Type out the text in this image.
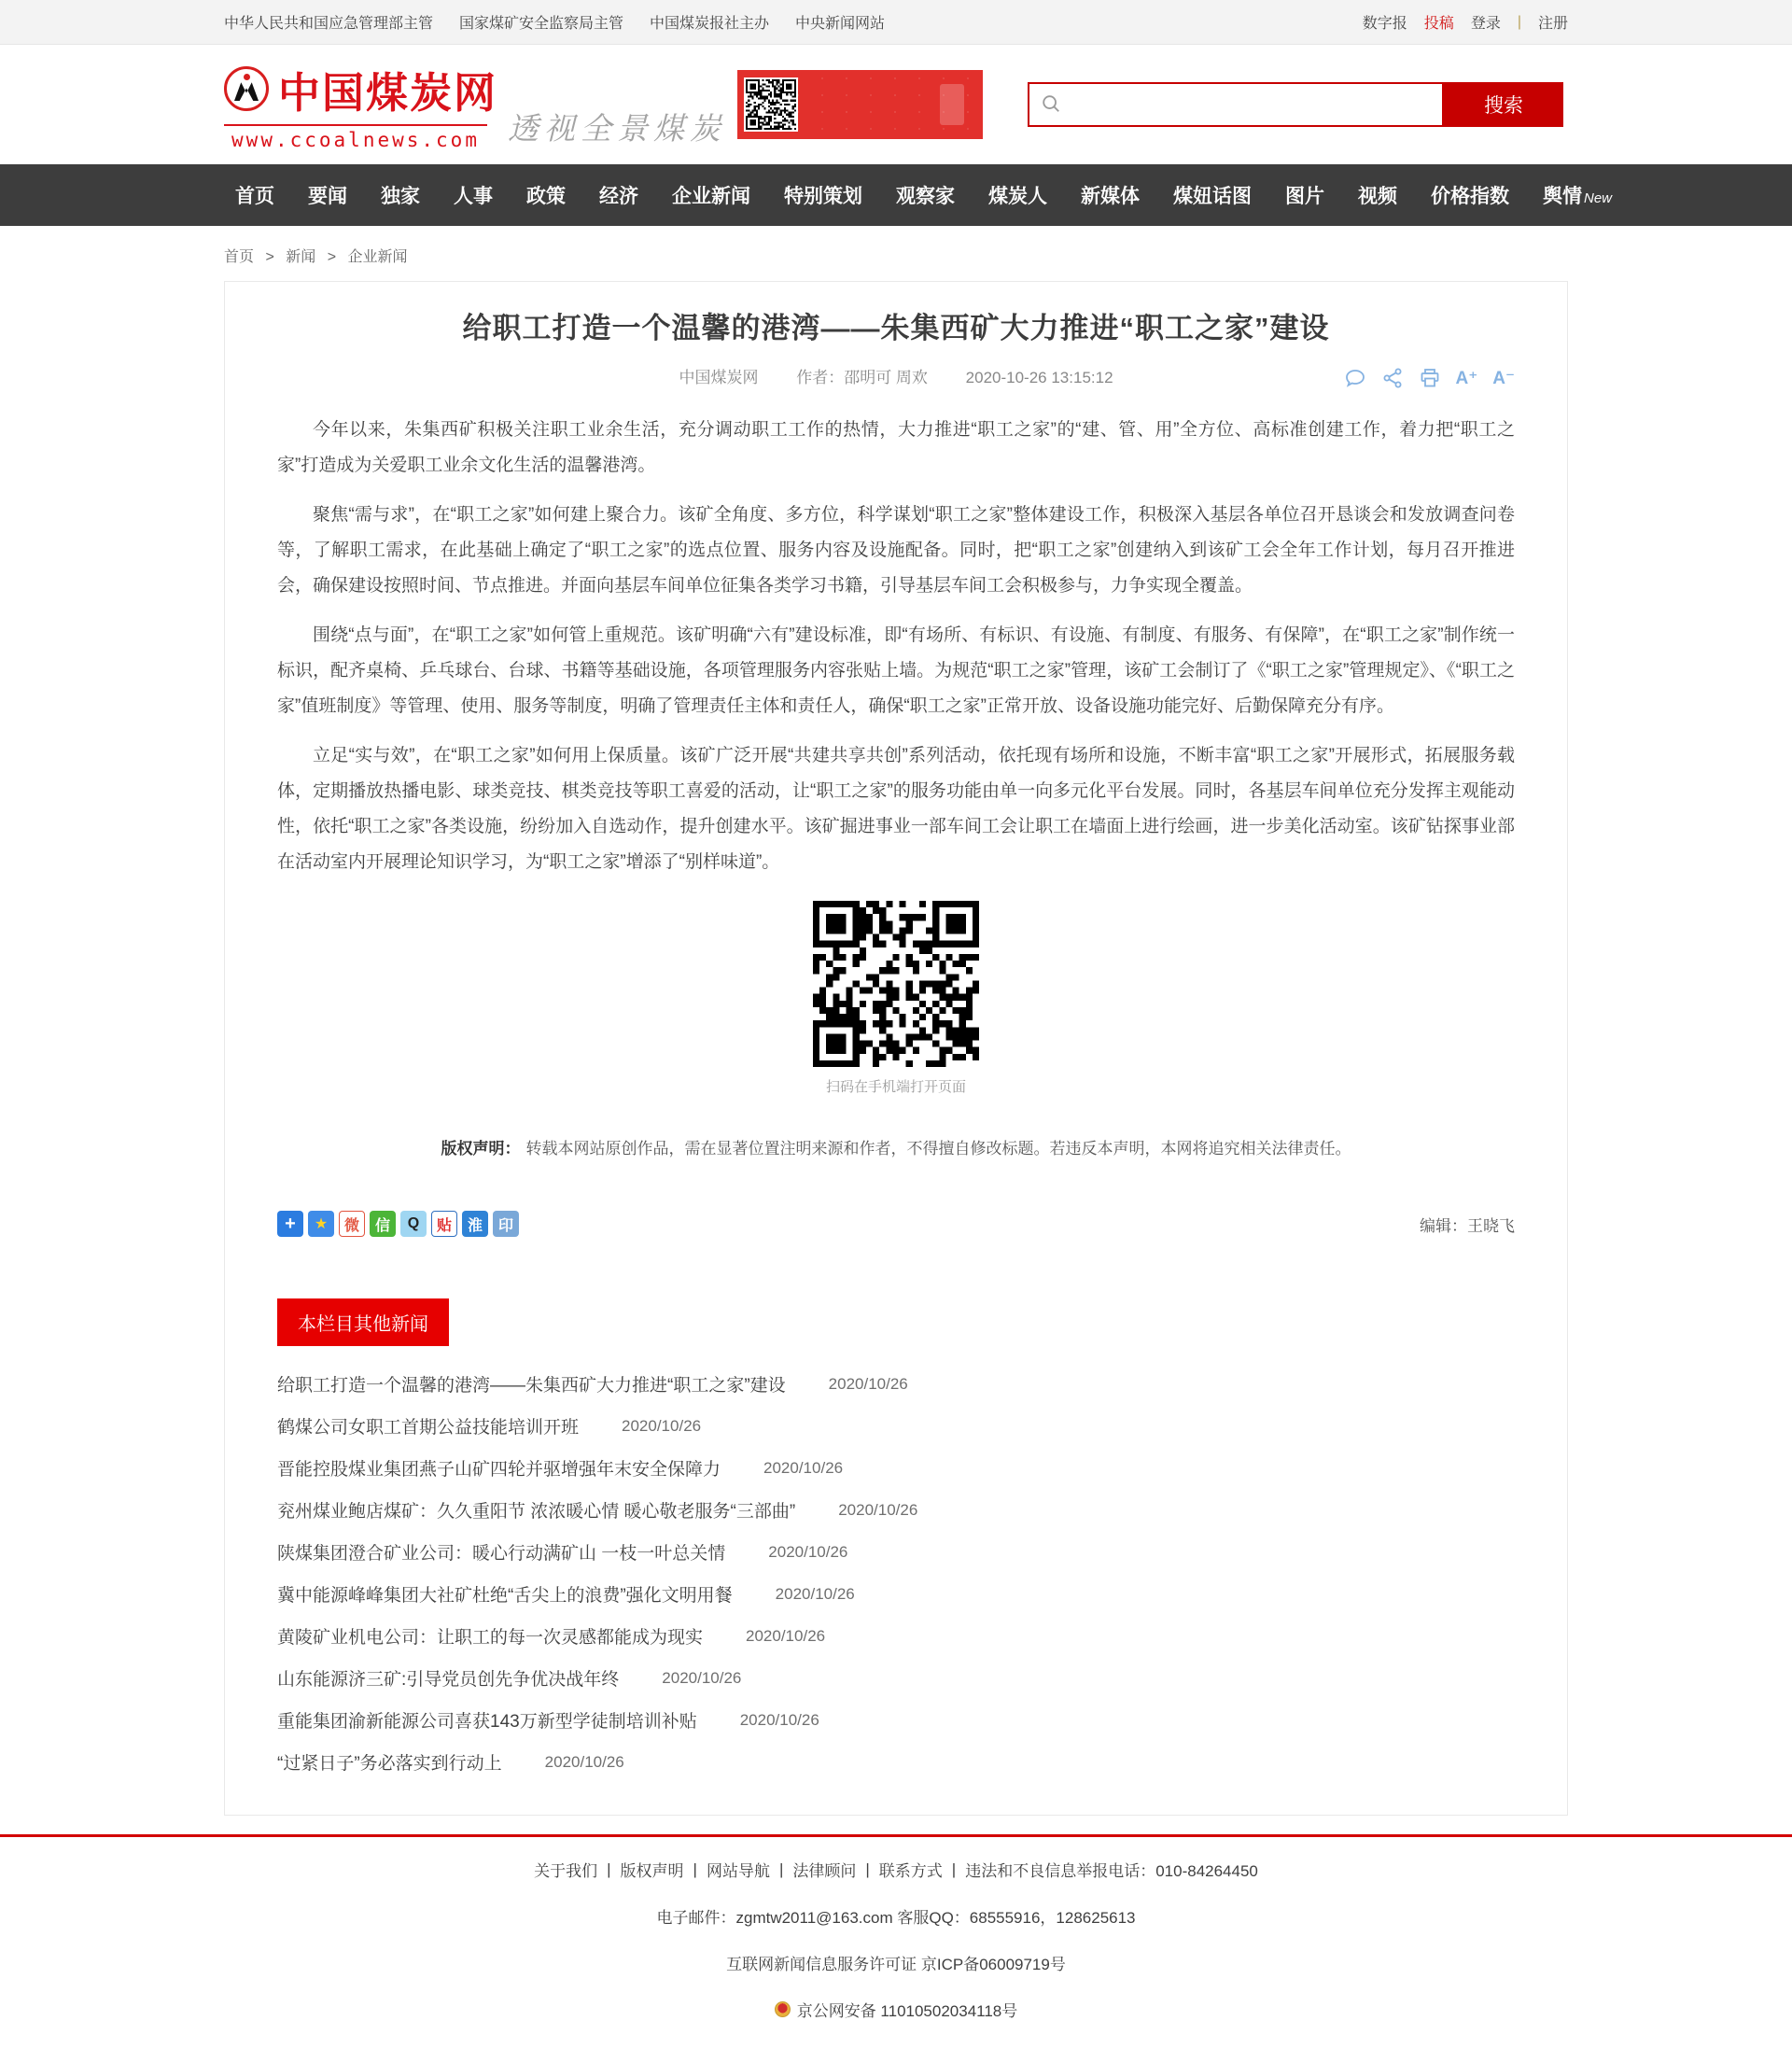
中华人民共和国应急管理部主管 国家煤矿安全监察局主管 中国煤炭报社主办 中央新闻网站	数字报 投稿 登录 | 注册
中国煤炭网
www.ccoalnews.com 透视全景煤炭
搜索
首页 要闻 独家 人事 政策 经济 企业新闻 特别策划 观察家 煤炭人 新媒体 煤妞话图 图片 视频 价格指数 舆情 New
首页 > 新闻 > 企业新闻
给职工打造一个温馨的港湾——朱集西矿大力推进“职工之家”建设
中国煤炭网 作者：邵明可 周欢 2020-10-26 13:15:12	A⁺ A⁻

今年以来，朱集西矿积极关注职工业余生活，充分调动职工工作的热情，大力推进“职工之家”的“建、管、用”全方位、高标准创建工作，着力把“职工之家”打造成为关爱职工业余文化生活的温馨港湾。

聚焦“需与求”，在“职工之家”如何建上聚合力。该矿全角度、多方位，科学谋划“职工之家”整体建设工作，积极深入基层各单位召开恳谈会和发放调查问卷等，了解职工需求，在此基础上确定了“职工之家”的选点位置、服务内容及设施配备。同时，把“职工之家”创建纳入到该矿工会全年工作计划，每月召开推进会，确保建设按照时间、节点推进。并面向基层车间单位征集各类学习书籍，引导基层车间工会积极参与，力争实现全覆盖。

围绕“点与面”，在“职工之家”如何管上重规范。该矿明确“六有”建设标准，即“有场所、有标识、有设施、有制度、有服务、有保障”，在“职工之家”制作统一标识，配齐桌椅、乒乓球台、台球、书籍等基础设施，各项管理服务内容张贴上墙。为规范“职工之家”管理，该矿工会制订了《“职工之家”管理规定》、《“职工之家”值班制度》等管理、使用、服务等制度，明确了管理责任主体和责任人，确保“职工之家”正常开放、设备设施功能完好、后勤保障充分有序。

立足“实与效”，在“职工之家”如何用上保质量。该矿广泛开展“共建共享共创”系列活动，依托现有场所和设施，不断丰富“职工之家”开展形式，拓展服务载体，定期播放热播电影、球类竞技、棋类竞技等职工喜爱的活动，让“职工之家”的服务功能由单一向多元化平台发展。同时，各基层车间单位充分发挥主观能动性，依托“职工之家”各类设施，纷纷加入自选动作，提升创建水平。该矿掘进事业一部车间工会让职工在墙面上进行绘画，进一步美化活动室。该矿钻探事业部在活动室内开展理论知识学习，为“职工之家”增添了“别样味道”。

扫码在手机端打开页面
版权声明： 转载本网站原创作品，需在显著位置注明来源和作者，不得擅自修改标题。若违反本声明，本网将追究相关法律责任。
+	★	微	信	Q	贴	淮	印	编辑：王晓飞
本栏目其他新闻
给职工打造一个温馨的港湾——朱集西矿大力推进“职工之家”建设	2020/10/26
鹤煤公司女职工首期公益技能培训开班	2020/10/26
晋能控股煤业集团燕子山矿四轮并驱增强年末安全保障力	2020/10/26
兖州煤业鲍店煤矿：久久重阳节 浓浓暖心情 暖心敬老服务“三部曲”	2020/10/26
陕煤集团澄合矿业公司：暖心行动满矿山 一枝一叶总关情	2020/10/26
冀中能源峰峰集团大社矿杜绝“舌尖上的浪费”强化文明用餐	2020/10/26
黄陵矿业机电公司：让职工的每一次灵感都能成为现实	2020/10/26
山东能源济三矿:引导党员创先争优决战年终	2020/10/26
重能集团渝新能源公司喜获143万新型学徒制培训补贴	2020/10/26
“过紧日子”务必落实到行动上	2020/10/26
关于我们 | 版权声明 | 网站导航 | 法律顾问 | 联系方式 | 违法和不良信息举报电话：010-84264450
电子邮件：zgmtw2011@163.com 客服QQ：68555916，128625613
互联网新闻信息服务许可证 京ICP备06009719号
京公网安备 11010502034118号
